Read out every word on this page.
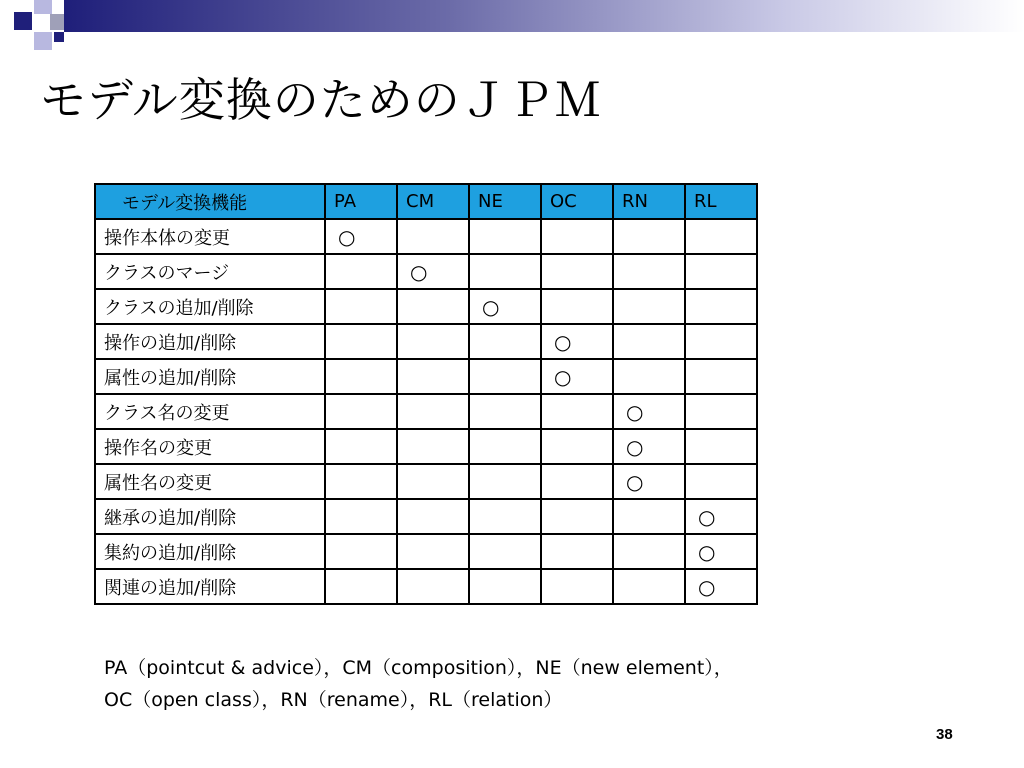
モデル変換のためのＪＰＭ
モデル変換機能	PA	CM	NE	OC	RN	RL
操作本体の変更	○					
クラスのマージ		○				
クラスの追加/削除			○			
操作の追加/削除				○		
属性の追加/削除				○		
クラス名の変更					○	
操作名の変更					○	
属性名の変更					○	
継承の追加/削除						○
集約の追加/削除						○
関連の追加/削除						○
PA（pointcut & advice），CM（composition），NE（new element），
OC（open class），RN（rename），RL（relation）
38
